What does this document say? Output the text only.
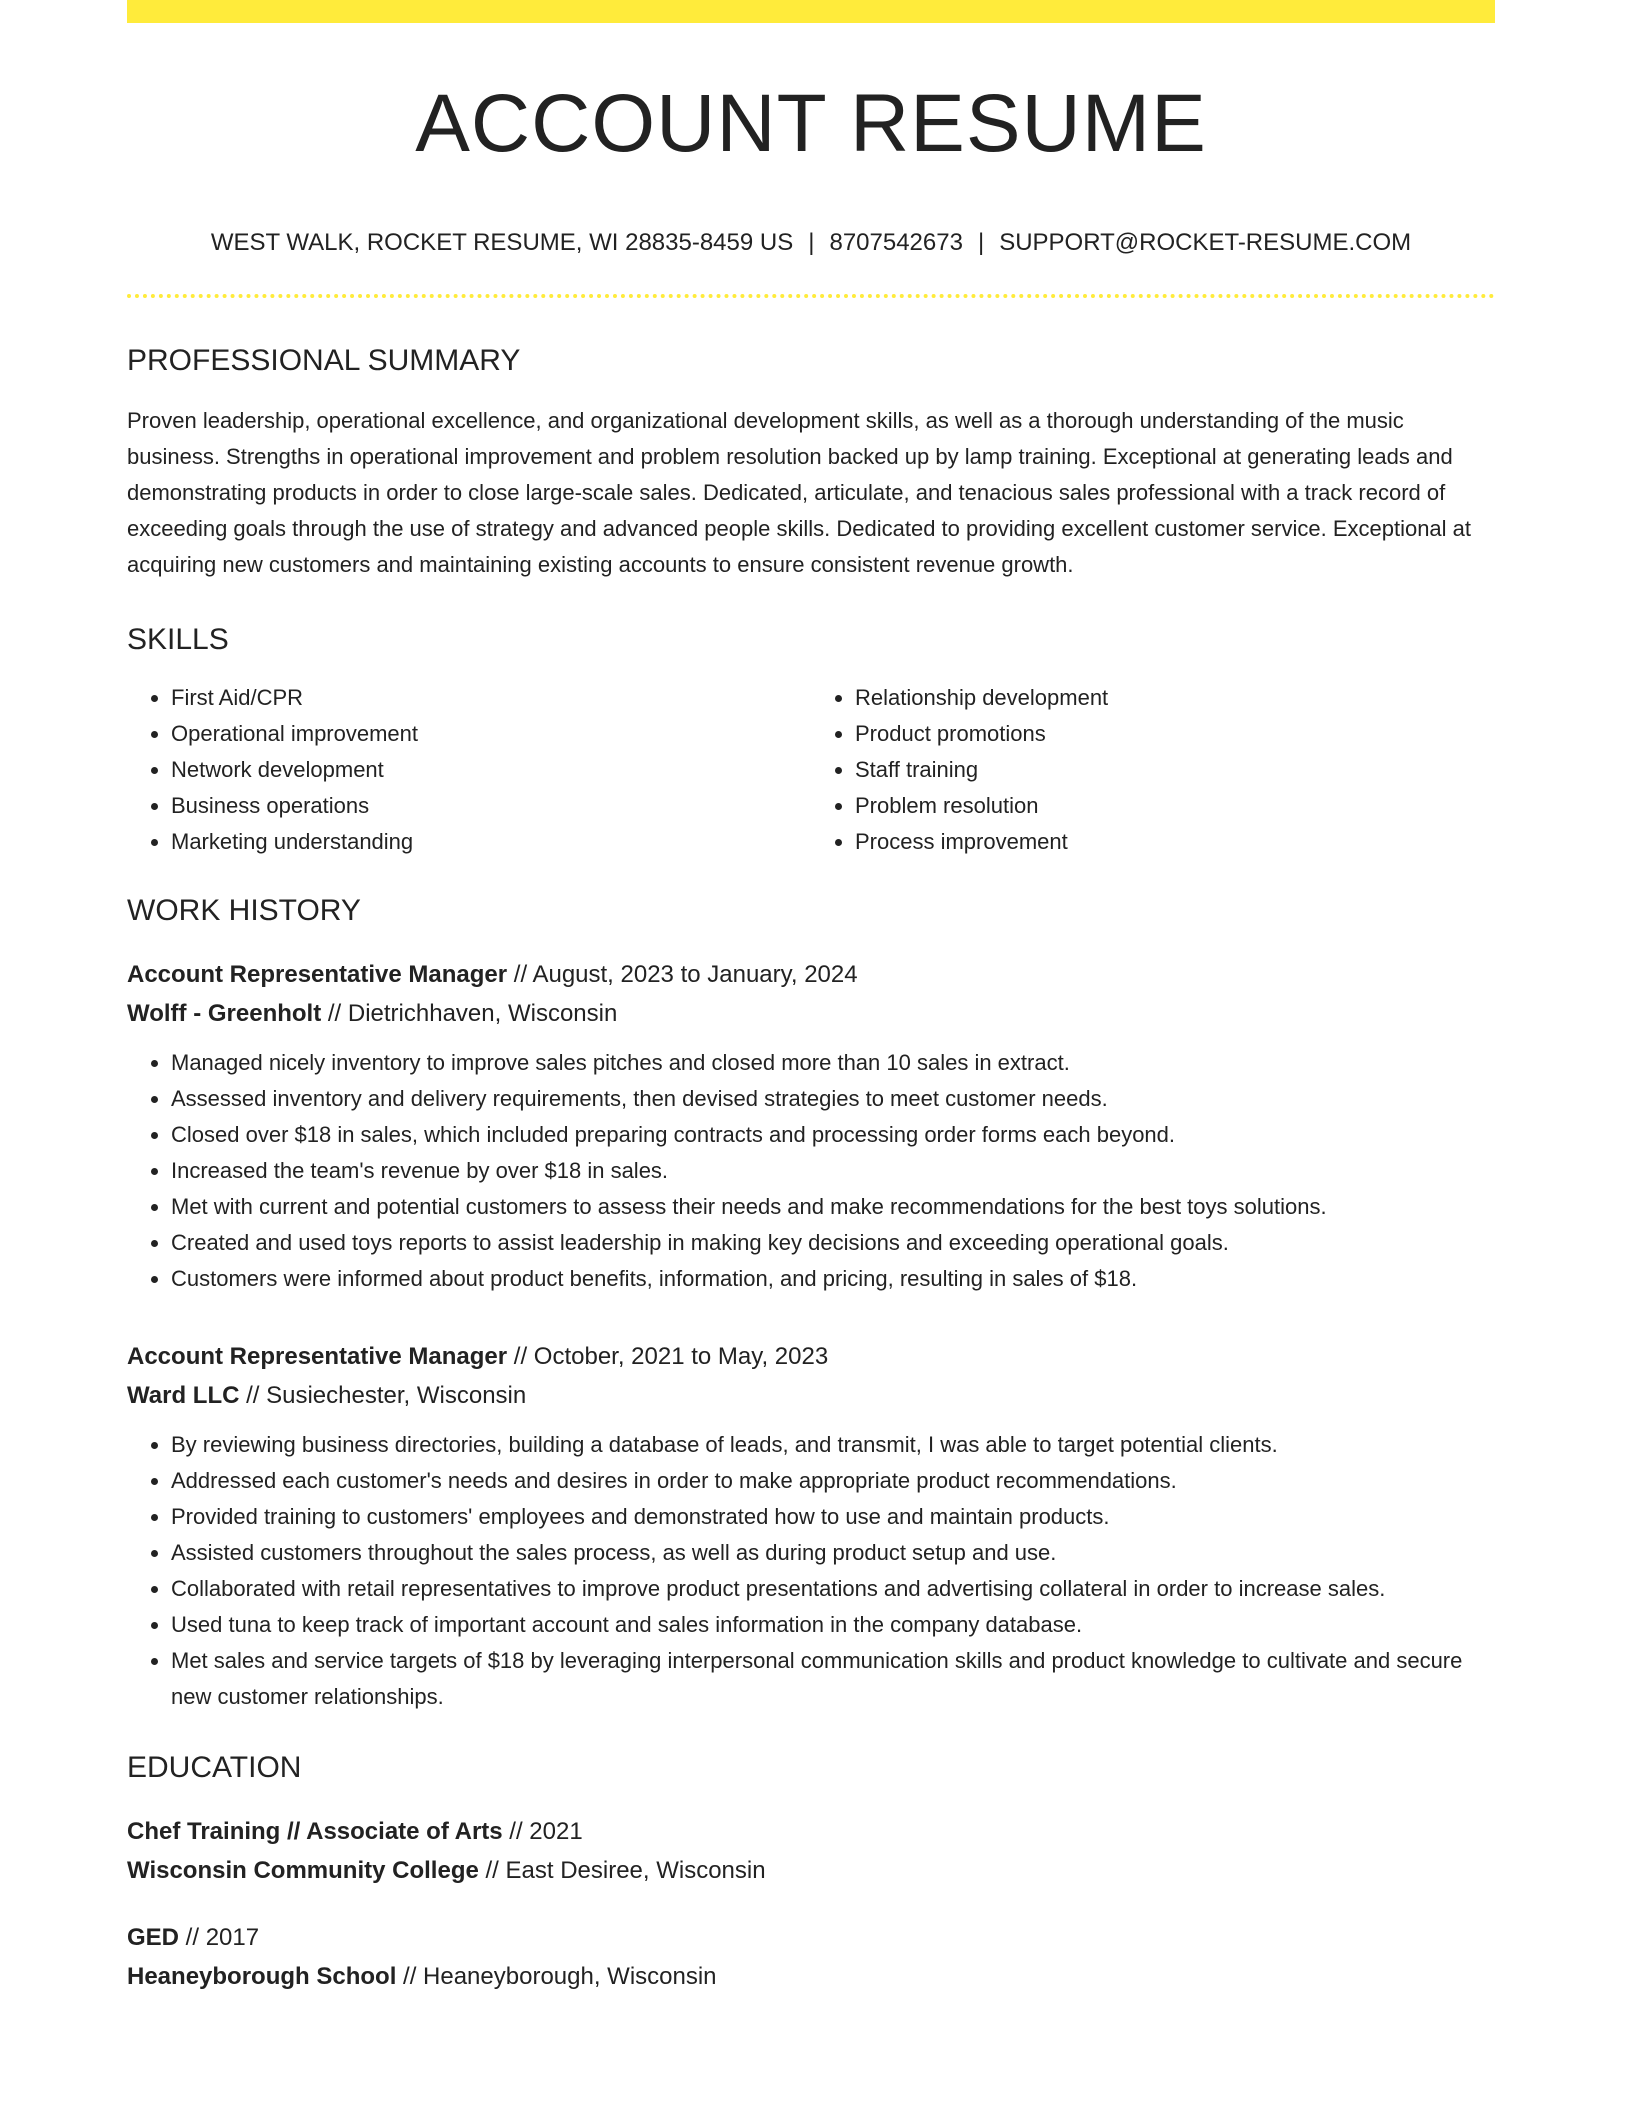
ACCOUNT RESUME
WEST WALK, ROCKET RESUME, WI 28835-8459 US | 8707542673 | SUPPORT@ROCKET-RESUME.COM
PROFESSIONAL SUMMARY
Proven leadership, operational excellence, and organizational development skills, as well as a thorough understanding of the music business. Strengths in operational improvement and problem resolution backed up by lamp training. Exceptional at generating leads and demonstrating products in order to close large-scale sales. Dedicated, articulate, and tenacious sales professional with a track record of exceeding goals through the use of strategy and advanced people skills. Dedicated to providing excellent customer service. Exceptional at acquiring new customers and maintaining existing accounts to ensure consistent revenue growth.
SKILLS
• First Aid/CPR
• Operational improvement
• Network development
• Business operations
• Marketing understanding
• Relationship development
• Product promotions
• Staff training
• Problem resolution
• Process improvement
WORK HISTORY
Account Representative Manager // August, 2023 to January, 2024
Wolff - Greenholt // Dietrichhaven, Wisconsin
• Managed nicely inventory to improve sales pitches and closed more than 10 sales in extract.
• Assessed inventory and delivery requirements, then devised strategies to meet customer needs.
• Closed over $18 in sales, which included preparing contracts and processing order forms each beyond.
• Increased the team's revenue by over $18 in sales.
• Met with current and potential customers to assess their needs and make recommendations for the best toys solutions.
• Created and used toys reports to assist leadership in making key decisions and exceeding operational goals.
• Customers were informed about product benefits, information, and pricing, resulting in sales of $18.
Account Representative Manager // October, 2021 to May, 2023
Ward LLC // Susiechester, Wisconsin
• By reviewing business directories, building a database of leads, and transmit, I was able to target potential clients.
• Addressed each customer's needs and desires in order to make appropriate product recommendations.
• Provided training to customers' employees and demonstrated how to use and maintain products.
• Assisted customers throughout the sales process, as well as during product setup and use.
• Collaborated with retail representatives to improve product presentations and advertising collateral in order to increase sales.
• Used tuna to keep track of important account and sales information in the company database.
• Met sales and service targets of $18 by leveraging interpersonal communication skills and product knowledge to cultivate and secure new customer relationships.
EDUCATION
Chef Training // Associate of Arts // 2021
Wisconsin Community College // East Desiree, Wisconsin
GED // 2017
Heaneyborough School // Heaneyborough, Wisconsin
